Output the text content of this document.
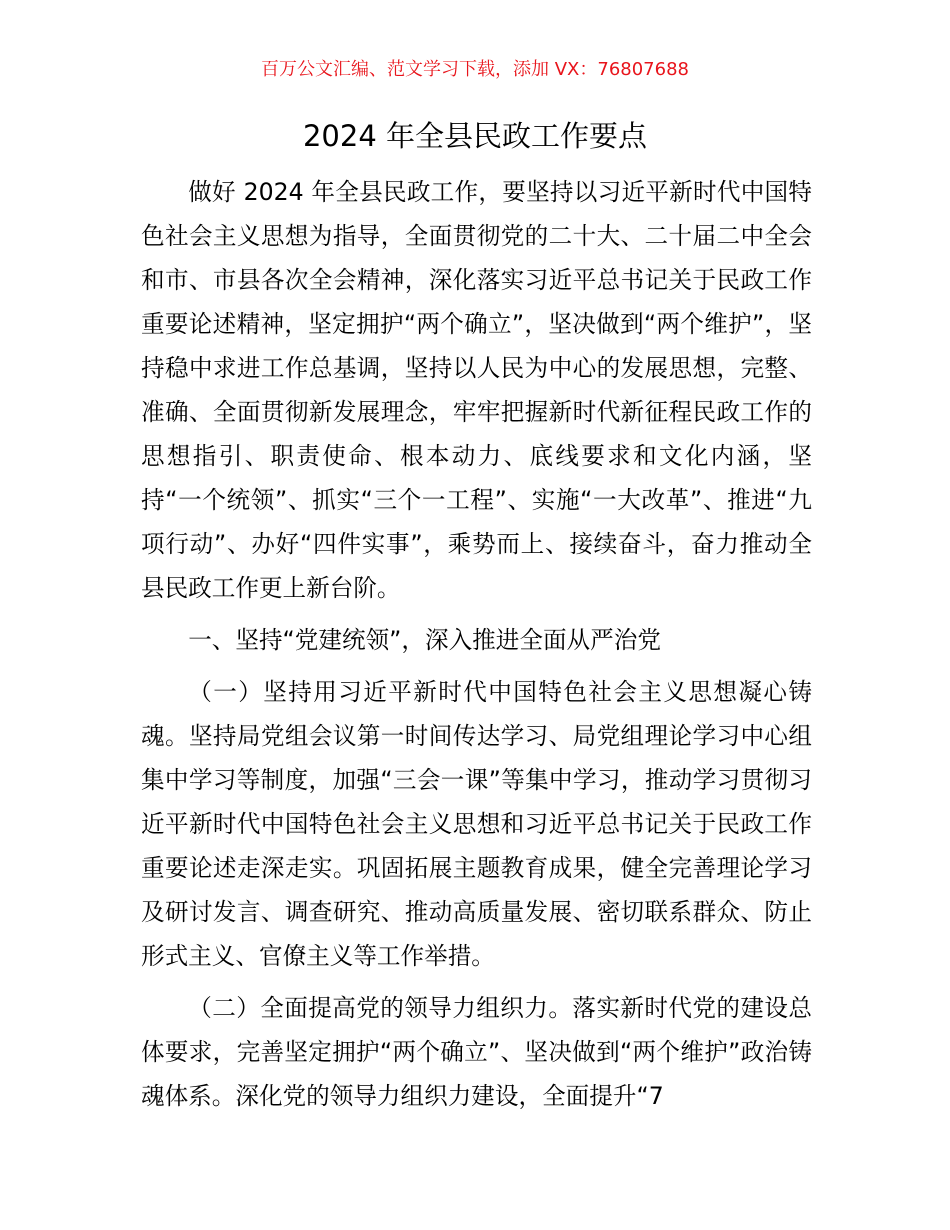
百万公文汇编、范文学习下载，添加 VX：76807688
2024 年全县民政工作要点

做好 2024 年全县民政工作，要坚持以习近平新时代中国特色社会主义思想为指导，全面贯彻党的二十大、二十届二中全会和市、市县各次全会精神，深化落实习近平总书记关于民政工作重要论述精神，坚定拥护“两个确立”，坚决做到“两个维护”，坚持稳中求进工作总基调，坚持以人民为中心的发展思想，完整、准确、全面贯彻新发展理念，牢牢把握新时代新征程民政工作的思想指引、职责使命、根本动力、底线要求和文化内涵，坚持“一个统领”、抓实“三个一工程”、实施“一大改革”、推进“九项行动”、办好“四件实事”，乘势而上、接续奋斗，奋力推动全县民政工作更上新台阶。

一、坚持“党建统领”，深入推进全面从严治党

（一）坚持用习近平新时代中国特色社会主义思想凝心铸魂。坚持局党组会议第一时间传达学习、局党组理论学习中心组集中学习等制度，加强“三会一课”等集中学习，推动学习贯彻习近平新时代中国特色社会主义思想和习近平总书记关于民政工作重要论述走深走实。巩固拓展主题教育成果，健全完善理论学习及研讨发言、调查研究、推动高质量发展、密切联系群众、防止形式主义、官僚主义等工作举措。

（二）全面提高党的领导力组织力。落实新时代党的建设总体要求，完善坚定拥护“两个确立”、坚决做到“两个维护”政治铸魂体系。深化党的领导力组织力建设，全面提升“7
